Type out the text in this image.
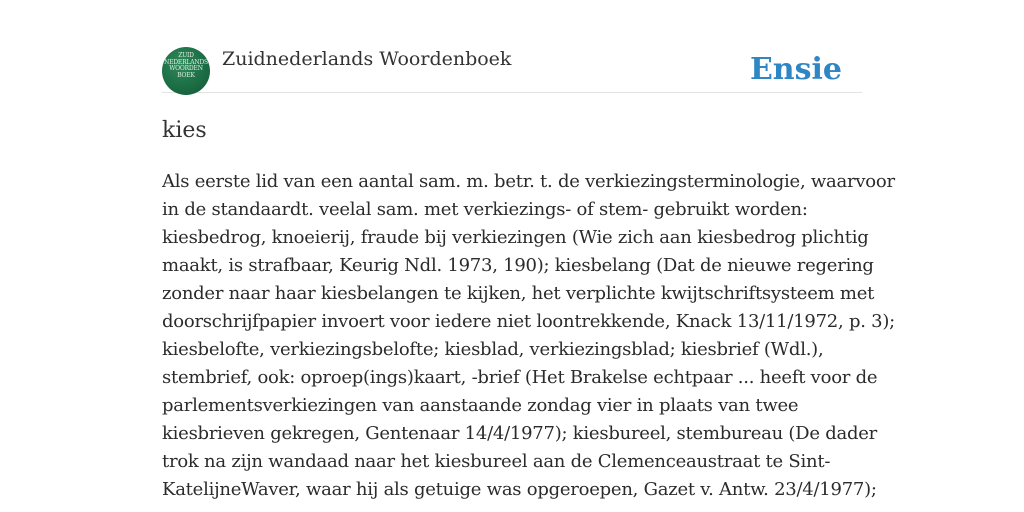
ZUID
NEDERLANDS
WOORDEN
BOEK
Zuidnederlands Woordenboek	Ensie
kies
Als eerste lid van een aantal sam. m. betr. t. de verkiezingsterminologie, waarvoor
in de standaardt. veelal sam. met verkiezings- of stem- gebruikt worden:
kiesbedrog, knoeierij, fraude bij verkiezingen (Wie zich aan kiesbedrog plichtig
maakt, is strafbaar, Keurig Ndl. 1973, 190); kiesbelang (Dat de nieuwe regering
zonder naar haar kiesbelangen te kijken, het verplichte kwijtschriftsysteem met
doorschrijfpapier invoert voor iedere niet loontrekkende, Knack 13/11/1972, p. 3);
kiesbelofte, verkiezingsbelofte; kiesblad, verkiezingsblad; kiesbrief (Wdl.),
stembrief, ook: oproep(ings)kaart, -brief (Het Brakelse echtpaar ... heeft voor de
parlementsverkiezingen van aanstaande zondag vier in plaats van twee
kiesbrieven gekregen, Gentenaar 14/4/1977); kiesbureel, stembureau (De dader
trok na zijn wandaad naar het kiesbureel aan de Clemenceaustraat te Sint-
KatelijneWaver, waar hij als getuige was opgeroepen, Gazet v. Antw. 23/4/1977);
